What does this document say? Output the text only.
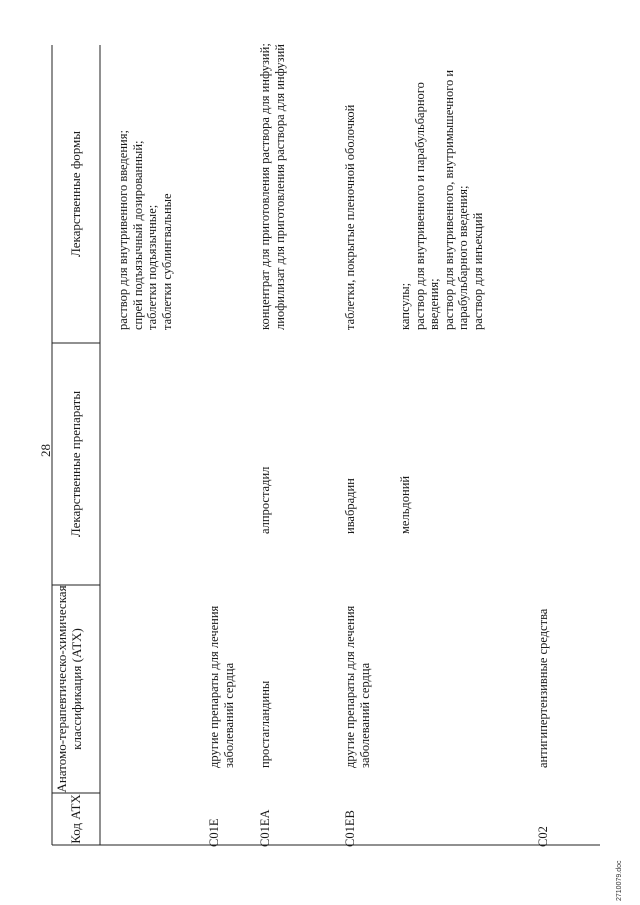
28
2710079.doc
Код АТХ
Анатомо-терапевтическо-химическая классификация (АТХ)
Лекарственные препараты
Лекарственные формы	раствор для внутривенного введения; спрей подъязычный дозированный; таблетки подъязычные; таблетки сублингвальные
C01E
другие препараты для лечения заболеваний сердца
C01EA
простагландины
алпростадил
концентрат для приготовления раствора для инфузий; лиофилизат для приготовления раствора для инфузий
C01EB
другие препараты для лечения заболеваний сердца
ивабрадин
таблетки, покрытые пленочной оболочкой
мельдоний
капсулы; раствор для внутривенного и парабульбарного введения; раствор для внутривенного, внутримышечного и парабульбарного введения; раствор для инъекций
C02
антигипертензивные средства
